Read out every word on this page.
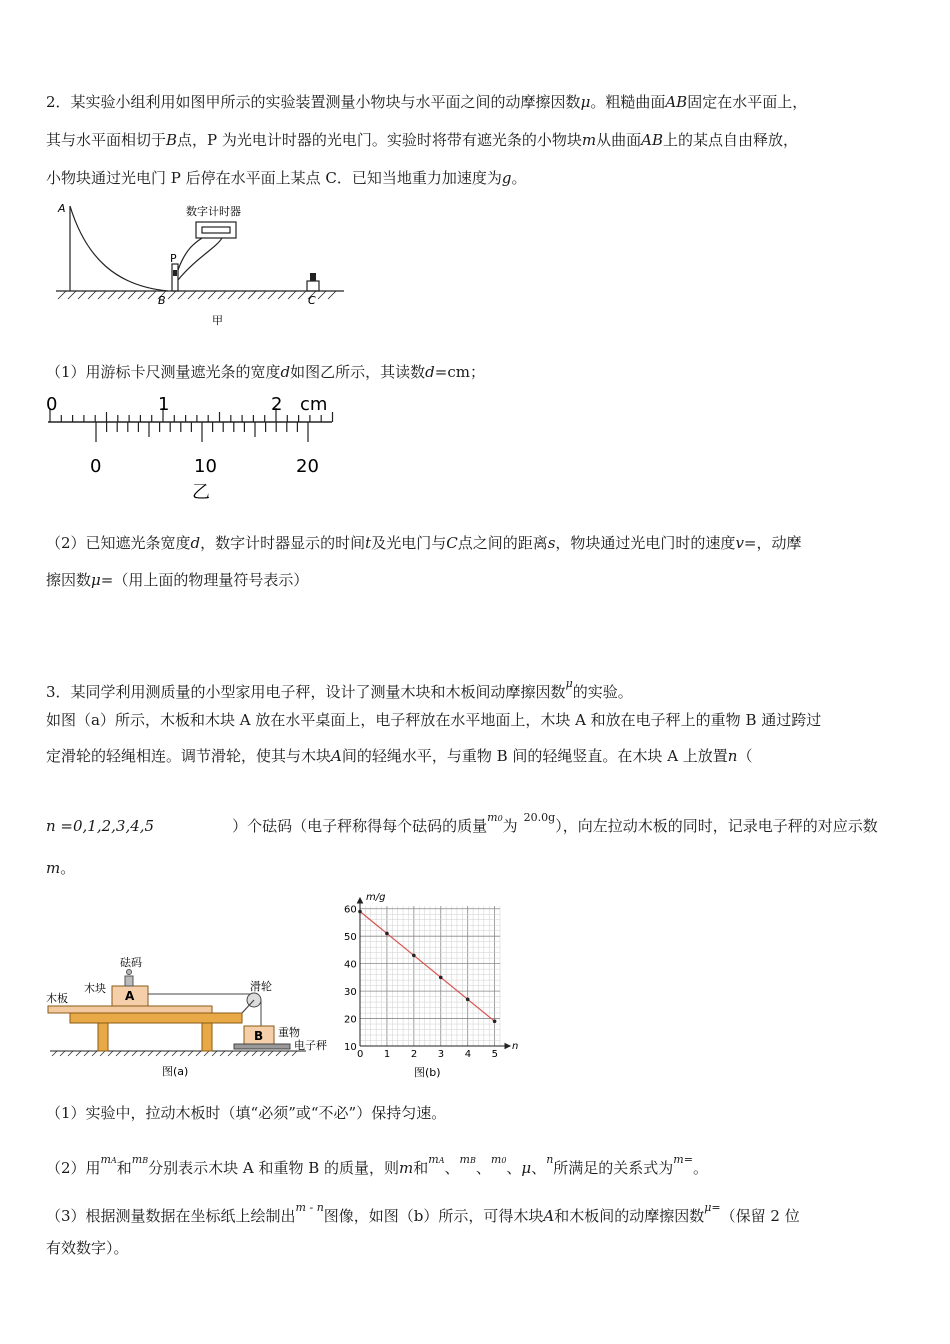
2．某实验小组利用如图甲所示的实验装置测量小物块与水平面之间的动摩擦因数μ。粗糙曲面AB固定在水平面上，
其与水平面相切于B点，P 为光电计时器的光电门。实验时将带有遮光条的小物块m从曲面AB上的某点自由释放，
小物块通过光电门 P 后停在水平面上某点 C．已知当地重力加速度为g。
A
B	C
P
数字计时器
甲
（1）用游标卡尺测量遮光条的宽度d如图乙所示，其读数d=cm；
0	1	2 cm
0	10	20
乙
（2）已知遮光条宽度d，数字计时器显示的时间t及光电门与C点之间的距离s，物块通过光电门时的速度v=，动摩
擦因数μ=（用上面的物理量符号表示）
3．某同学利用测质量的小型家用电子秤，设计了测量木块和木板间动摩擦因数$^\mu$的实验。
如图（a）所示，木板和木块 A 放在水平桌面上，电子秤放在水平地面上，木块 A 和放在电子秤上的重物 B 通过跨过
定滑轮的轻绳相连。调节滑轮，使其与木块A间的轻绳水平，与重物 B 间的轻绳竖直。在木块 A 上放置n（
n =0,1,2,3,4,5	）个砝码（电子秤称得每个砝码的质量$^{m0}$为 $^{20.0g}$），向左拉动木板的同时，记录电子秤的对应示数
m。
砝码
木块
A
木板
滑轮
重物
B
电子秤
图(a)
0 1 2 3 4 5
10
20
30
40
50
60
m/g
n
图(b)
（1）实验中，拉动木板时（填“必须”或“不必”）保持匀速。
（2）用$^{mA}$和$^{mB}$分别表示木块 A 和重物 B 的质量，则m和$^{mA}$、$^{mB}$、$^{m0}$、μ、$^n$所满足的关系式为$^{m=}$。
（3）根据测量数据在坐标纸上绘制出$^{m - n}$图像，如图（b）所示，可得木块A和木板间的动摩擦因数$^{\mu=}$（保留 2 位
有效数字）。
